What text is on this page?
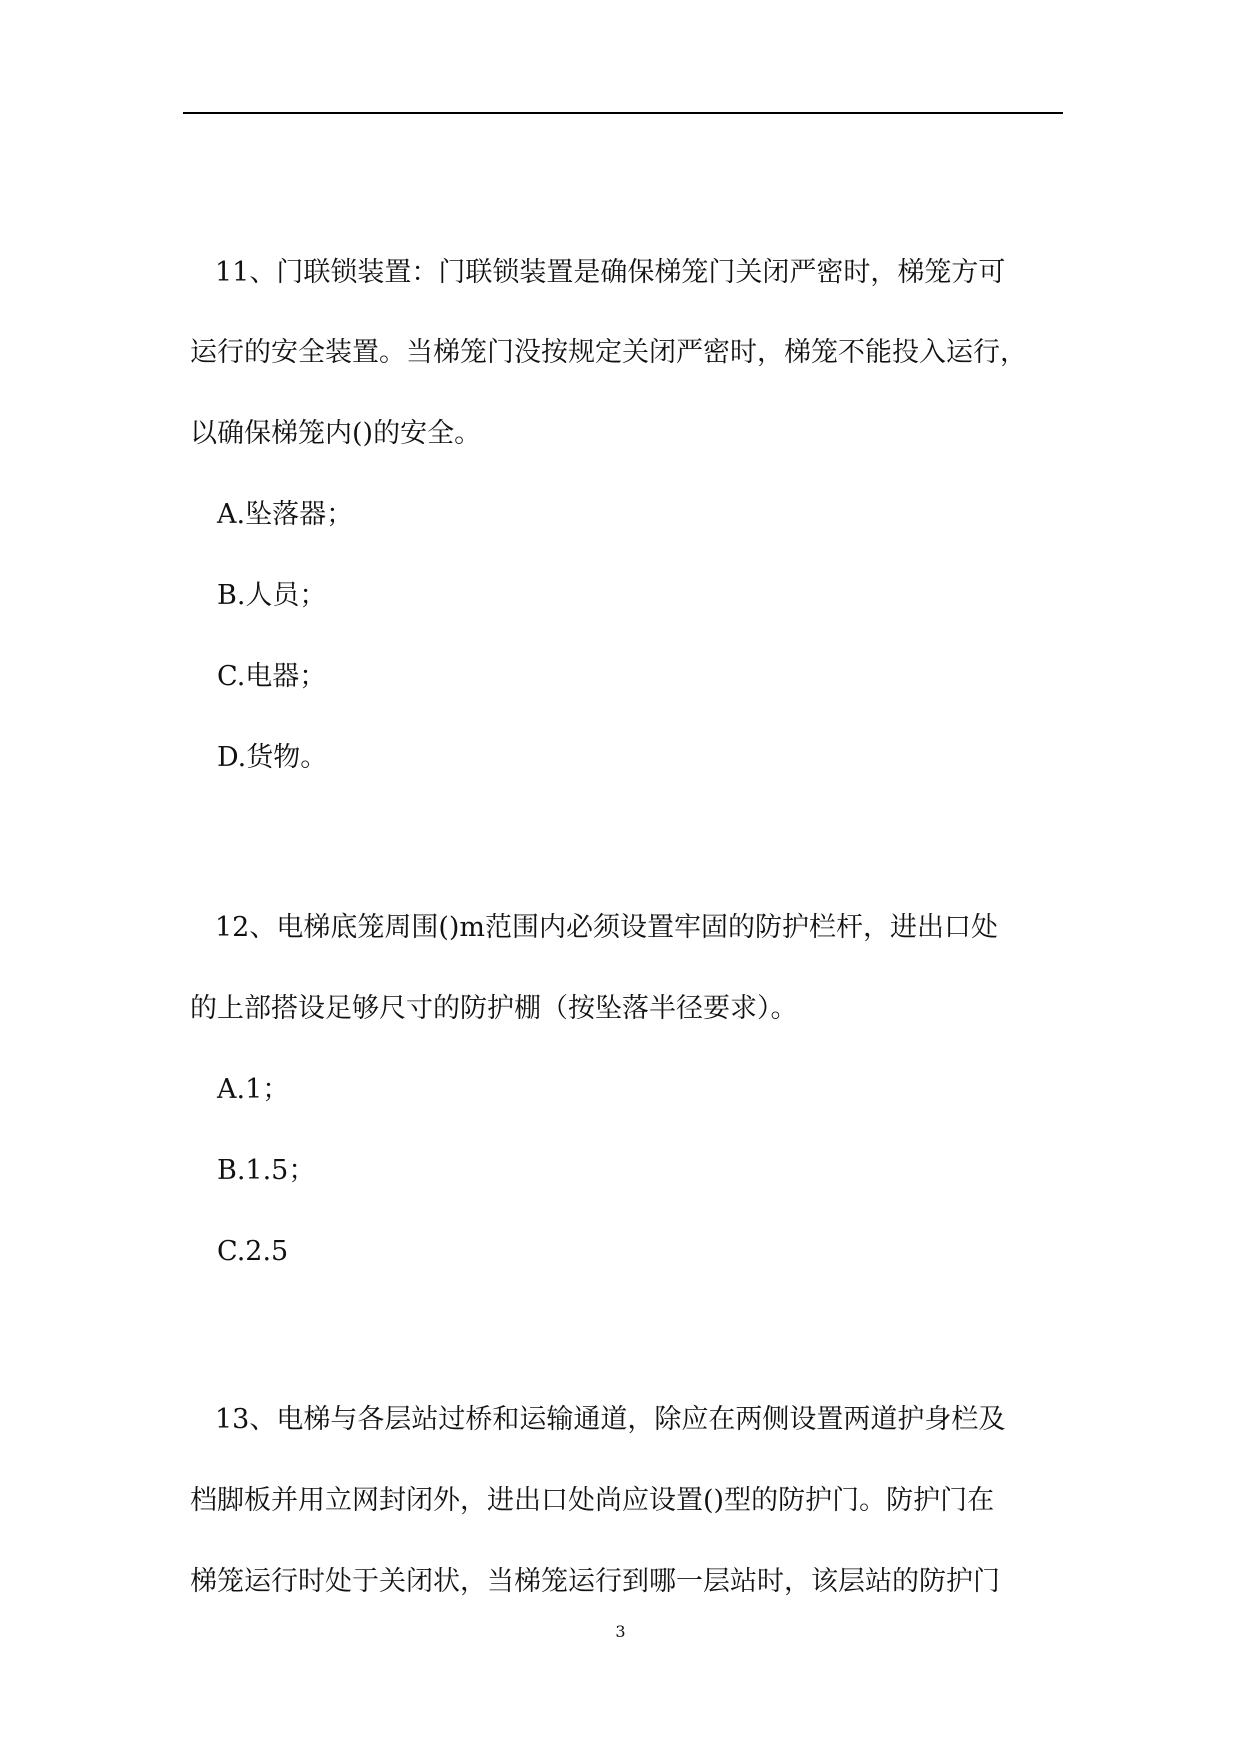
11、门联锁装置：门联锁装置是确保梯笼门关闭严密时，梯笼方可
运行的安全装置。当梯笼门没按规定关闭严密时，梯笼不能投入运行，
以确保梯笼内()的安全。
A.坠落器；
B.人员；
C.电器；
D.货物。
12、电梯底笼周围()m范围内必须设置牢固的防护栏杆，进出口处
的上部搭设足够尺寸的防护棚（按坠落半径要求）。
A.1；
B.1.5；
C.2.5
13、电梯与各层站过桥和运输通道，除应在两侧设置两道护身栏及
档脚板并用立网封闭外，进出口处尚应设置()型的防护门。防护门在
梯笼运行时处于关闭状，当梯笼运行到哪一层站时，该层站的防护门
3
